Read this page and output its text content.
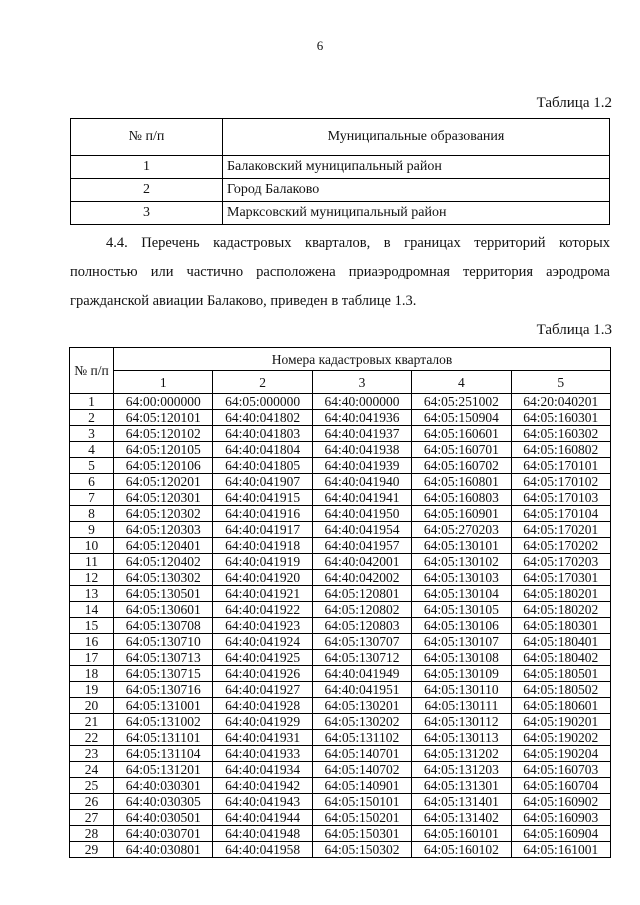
6
Таблица 1.2
№ п/п	Муниципальные образования
1	Балаковский муниципальный район
2	Город Балаково
3	Марксовский муниципальный район
4.4. Перечень кадастровых кварталов, в границах территорий которых полностью или частично расположена приаэродромная территория аэродрома гражданской авиации Балаково, приведен в таблице 1.3.
Таблица 1.3
№ п/п	Номера кадастровых кварталов				
	1	2	3	4	5
1	64:00:000000	64:05:000000	64:40:000000	64:05:251002	64:20:040201
2	64:05:120101	64:40:041802	64:40:041936	64:05:150904	64:05:160301
3	64:05:120102	64:40:041803	64:40:041937	64:05:160601	64:05:160302
4	64:05:120105	64:40:041804	64:40:041938	64:05:160701	64:05:160802
5	64:05:120106	64:40:041805	64:40:041939	64:05:160702	64:05:170101
6	64:05:120201	64:40:041907	64:40:041940	64:05:160801	64:05:170102
7	64:05:120301	64:40:041915	64:40:041941	64:05:160803	64:05:170103
8	64:05:120302	64:40:041916	64:40:041950	64:05:160901	64:05:170104
9	64:05:120303	64:40:041917	64:40:041954	64:05:270203	64:05:170201
10	64:05:120401	64:40:041918	64:40:041957	64:05:130101	64:05:170202
11	64:05:120402	64:40:041919	64:40:042001	64:05:130102	64:05:170203
12	64:05:130302	64:40:041920	64:40:042002	64:05:130103	64:05:170301
13	64:05:130501	64:40:041921	64:05:120801	64:05:130104	64:05:180201
14	64:05:130601	64:40:041922	64:05:120802	64:05:130105	64:05:180202
15	64:05:130708	64:40:041923	64:05:120803	64:05:130106	64:05:180301
16	64:05:130710	64:40:041924	64:05:130707	64:05:130107	64:05:180401
17	64:05:130713	64:40:041925	64:05:130712	64:05:130108	64:05:180402
18	64:05:130715	64:40:041926	64:40:041949	64:05:130109	64:05:180501
19	64:05:130716	64:40:041927	64:40:041951	64:05:130110	64:05:180502
20	64:05:131001	64:40:041928	64:05:130201	64:05:130111	64:05:180601
21	64:05:131002	64:40:041929	64:05:130202	64:05:130112	64:05:190201
22	64:05:131101	64:40:041931	64:05:131102	64:05:130113	64:05:190202
23	64:05:131104	64:40:041933	64:05:140701	64:05:131202	64:05:190204
24	64:05:131201	64:40:041934	64:05:140702	64:05:131203	64:05:160703
25	64:40:030301	64:40:041942	64:05:140901	64:05:131301	64:05:160704
26	64:40:030305	64:40:041943	64:05:150101	64:05:131401	64:05:160902
27	64:40:030501	64:40:041944	64:05:150201	64:05:131402	64:05:160903
28	64:40:030701	64:40:041948	64:05:150301	64:05:160101	64:05:160904
29	64:40:030801	64:40:041958	64:05:150302	64:05:160102	64:05:161001
